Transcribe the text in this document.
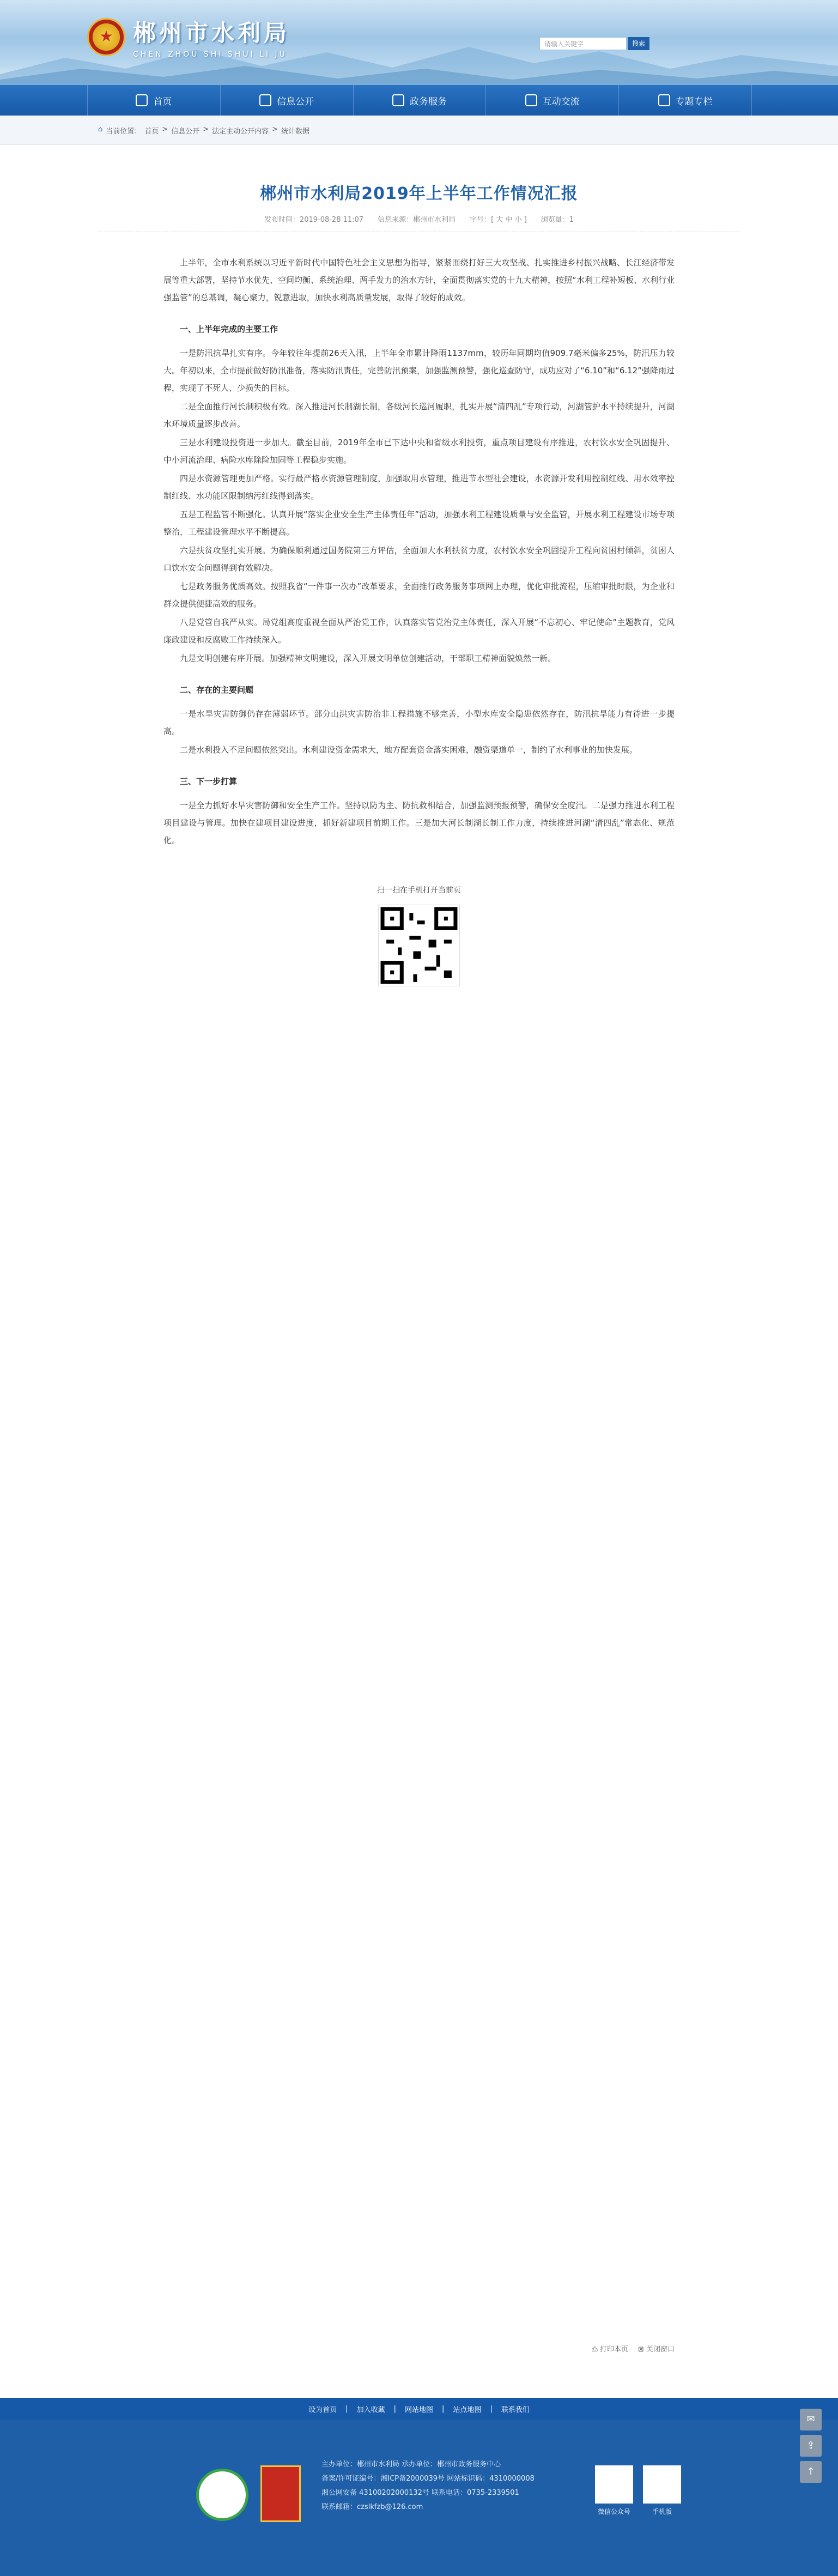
★
郴州市水利局
CHEN ZHOU SHI SHUI LI JU
请输入关键字	搜索
首页	信息公开	政务服务	互动交流	专题专栏
⌂ 当前位置： 首页 > 信息公开 > 法定主动公开内容 > 统计数据
郴州市水利局2019年上半年工作情况汇报
发布时间：2019-08-28 11:07 信息来源：郴州市水利局 字号：[ 大 中 小 ] 浏览量：1

上半年，全市水利系统以习近平新时代中国特色社会主义思想为指导，紧紧围绕打好三大攻坚战、扎实推进乡村振兴战略、长江经济带发展等重大部署，坚持节水优先、空间均衡、系统治理、两手发力的治水方针，全面贯彻落实党的十九大精神，按照“水利工程补短板、水利行业强监管”的总基调，凝心聚力，锐意进取，加快水利高质量发展，取得了较好的成效。

一、上半年完成的主要工作

一是防汛抗旱扎实有序。今年较往年提前26天入汛，上半年全市累计降雨1137mm，较历年同期均值909.7毫米偏多25%，防汛压力较大。年初以来，全市提前做好防汛准备，落实防汛责任，完善防汛预案，加强监测预警，强化巡查防守，成功应对了“6.10”和“6.12”强降雨过程，实现了不死人、少损失的目标。

二是全面推行河长制积极有效。深入推进河长制湖长制，各级河长巡河履职，扎实开展“清四乱”专项行动，河湖管护水平持续提升，河湖水环境质量逐步改善。

三是水利建设投资进一步加大。截至目前，2019年全市已下达中央和省级水利投资，重点项目建设有序推进，农村饮水安全巩固提升、中小河流治理、病险水库除险加固等工程稳步实施。

四是水资源管理更加严格。实行最严格水资源管理制度，加强取用水管理，推进节水型社会建设，水资源开发利用控制红线、用水效率控制红线、水功能区限制纳污红线得到落实。

五是工程监管不断强化。认真开展“落实企业安全生产主体责任年”活动，加强水利工程建设质量与安全监管，开展水利工程建设市场专项整治，工程建设管理水平不断提高。

六是扶贫攻坚扎实开展。为确保顺利通过国务院第三方评估，全面加大水利扶贫力度，农村饮水安全巩固提升工程向贫困村倾斜，贫困人口饮水安全问题得到有效解决。

七是政务服务优质高效。按照我省“一件事一次办”改革要求，全面推行政务服务事项网上办理，优化审批流程，压缩审批时限，为企业和群众提供便捷高效的服务。

八是党管自我严从实。局党组高度重视全面从严治党工作，认真落实管党治党主体责任，深入开展“不忘初心、牢记使命”主题教育，党风廉政建设和反腐败工作持续深入。

九是文明创建有序开展。加强精神文明建设，深入开展文明单位创建活动，干部职工精神面貌焕然一新。

二、存在的主要问题

一是水旱灾害防御仍存在薄弱环节。部分山洪灾害防治非工程措施不够完善，小型水库安全隐患依然存在，防汛抗旱能力有待进一步提高。

二是水利投入不足问题依然突出。水利建设资金需求大，地方配套资金落实困难，融资渠道单一，制约了水利事业的加快发展。

三、下一步打算

一是全力抓好水旱灾害防御和安全生产工作。坚持以防为主、防抗救相结合，加强监测预报预警，确保安全度汛。二是强力推进水利工程项目建设与管理。加快在建项目建设进度，抓好新建项目前期工作。三是加大河长制湖长制工作力度，持续推进河湖“清四乱”常态化、规范化。

扫一扫在手机打开当前页
⎙ 打印本页 ⊠ 关闭窗口
设为首页 | 加入收藏 | 网站地图 | 站点地图 | 联系我们
主办单位：郴州市水利局 承办单位：郴州市政务服务中心
备案/许可证编号：湘ICP备2000039号 网站标识码：4310000008
湘公网安备 43100202000132号 联系电话：0735-2339501
联系邮箱：czslkfzb@126.com
微信公众号	手机版
✉
⇪
↑
